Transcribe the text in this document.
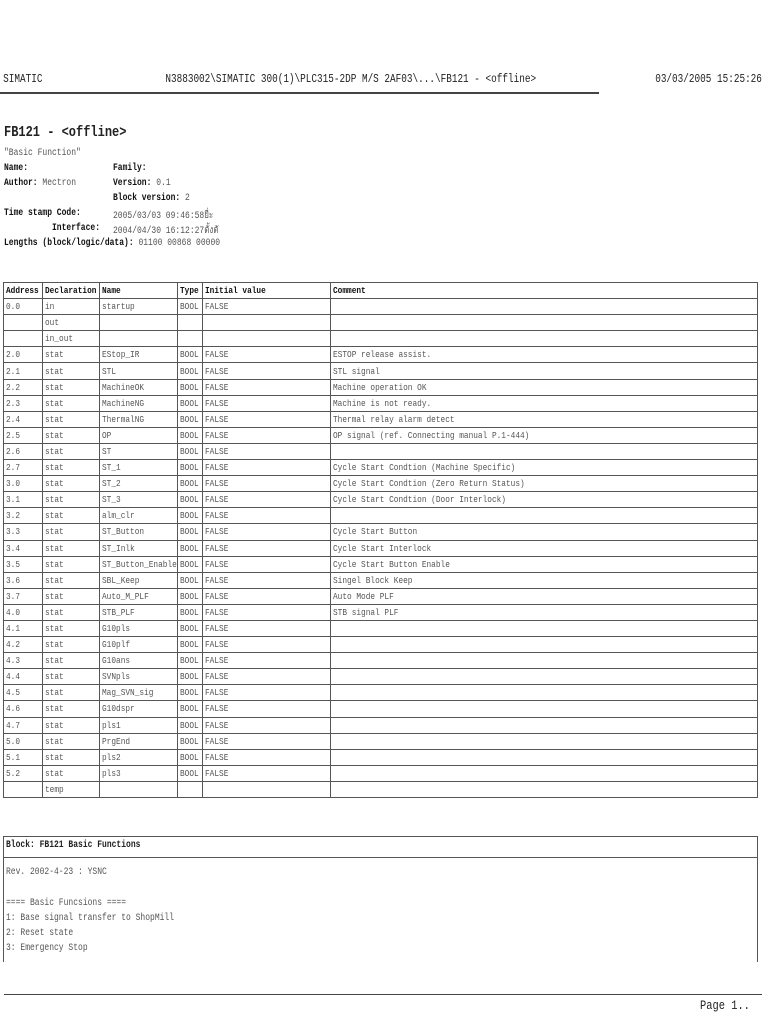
SIMATIC	N3883002\SIMATIC 300(1)\PLC315-2DP M/S 2AF03\...\FB121 - <offline>	03/03/2005 15:25:26
FB121 - <offline>
"Basic Function"
Name:	Family:
Author: Mectron	Version: 0.1
Block version: 2
Time stamp Code:	2005/03/03 09:46:58ยื่ะ
Interface:	2004/04/30 16:12:27ตั้งตั
Lengths (block/logic/data): 01100 00868 00000
Address	Declaration	Name	Type	Initial value	Comment
0.0	in	startup	BOOL	FALSE	
	out				
	in_out				
2.0	stat	EStop_IR	BOOL	FALSE	ESTOP release assist.
2.1	stat	STL	BOOL	FALSE	STL signal
2.2	stat	MachineOK	BOOL	FALSE	Machine operation OK
2.3	stat	MachineNG	BOOL	FALSE	Machine is not ready.
2.4	stat	ThermalNG	BOOL	FALSE	Thermal relay alarm detect
2.5	stat	OP	BOOL	FALSE	OP signal (ref. Connecting manual P.1-444)
2.6	stat	ST	BOOL	FALSE	
2.7	stat	ST_1	BOOL	FALSE	Cycle Start Condtion (Machine Specific)
3.0	stat	ST_2	BOOL	FALSE	Cycle Start Condtion (Zero Return Status)
3.1	stat	ST_3	BOOL	FALSE	Cycle Start Condtion (Door Interlock)
3.2	stat	alm_clr	BOOL	FALSE	
3.3	stat	ST_Button	BOOL	FALSE	Cycle Start Button
3.4	stat	ST_Inlk	BOOL	FALSE	Cycle Start Interlock
3.5	stat	ST_Button_Enable	BOOL	FALSE	Cycle Start Button Enable
3.6	stat	SBL_Keep	BOOL	FALSE	Singel Block Keep
3.7	stat	Auto_M_PLF	BOOL	FALSE	Auto Mode PLF
4.0	stat	STB_PLF	BOOL	FALSE	STB signal PLF
4.1	stat	G10pls	BOOL	FALSE	
4.2	stat	G10plf	BOOL	FALSE	
4.3	stat	G10ans	BOOL	FALSE	
4.4	stat	SVNpls	BOOL	FALSE	
4.5	stat	Mag_SVN_sig	BOOL	FALSE	
4.6	stat	G10dspr	BOOL	FALSE	
4.7	stat	pls1	BOOL	FALSE	
5.0	stat	PrgEnd	BOOL	FALSE	
5.1	stat	pls2	BOOL	FALSE	
5.2	stat	pls3	BOOL	FALSE	
	temp				
Block: FB121 Basic Functions
Rev. 2002-4-23 : YSNC
==== Basic Funcsions ====
1: Base signal transfer to ShopMill
2: Reset state
3: Emergency Stop
Page 1..
